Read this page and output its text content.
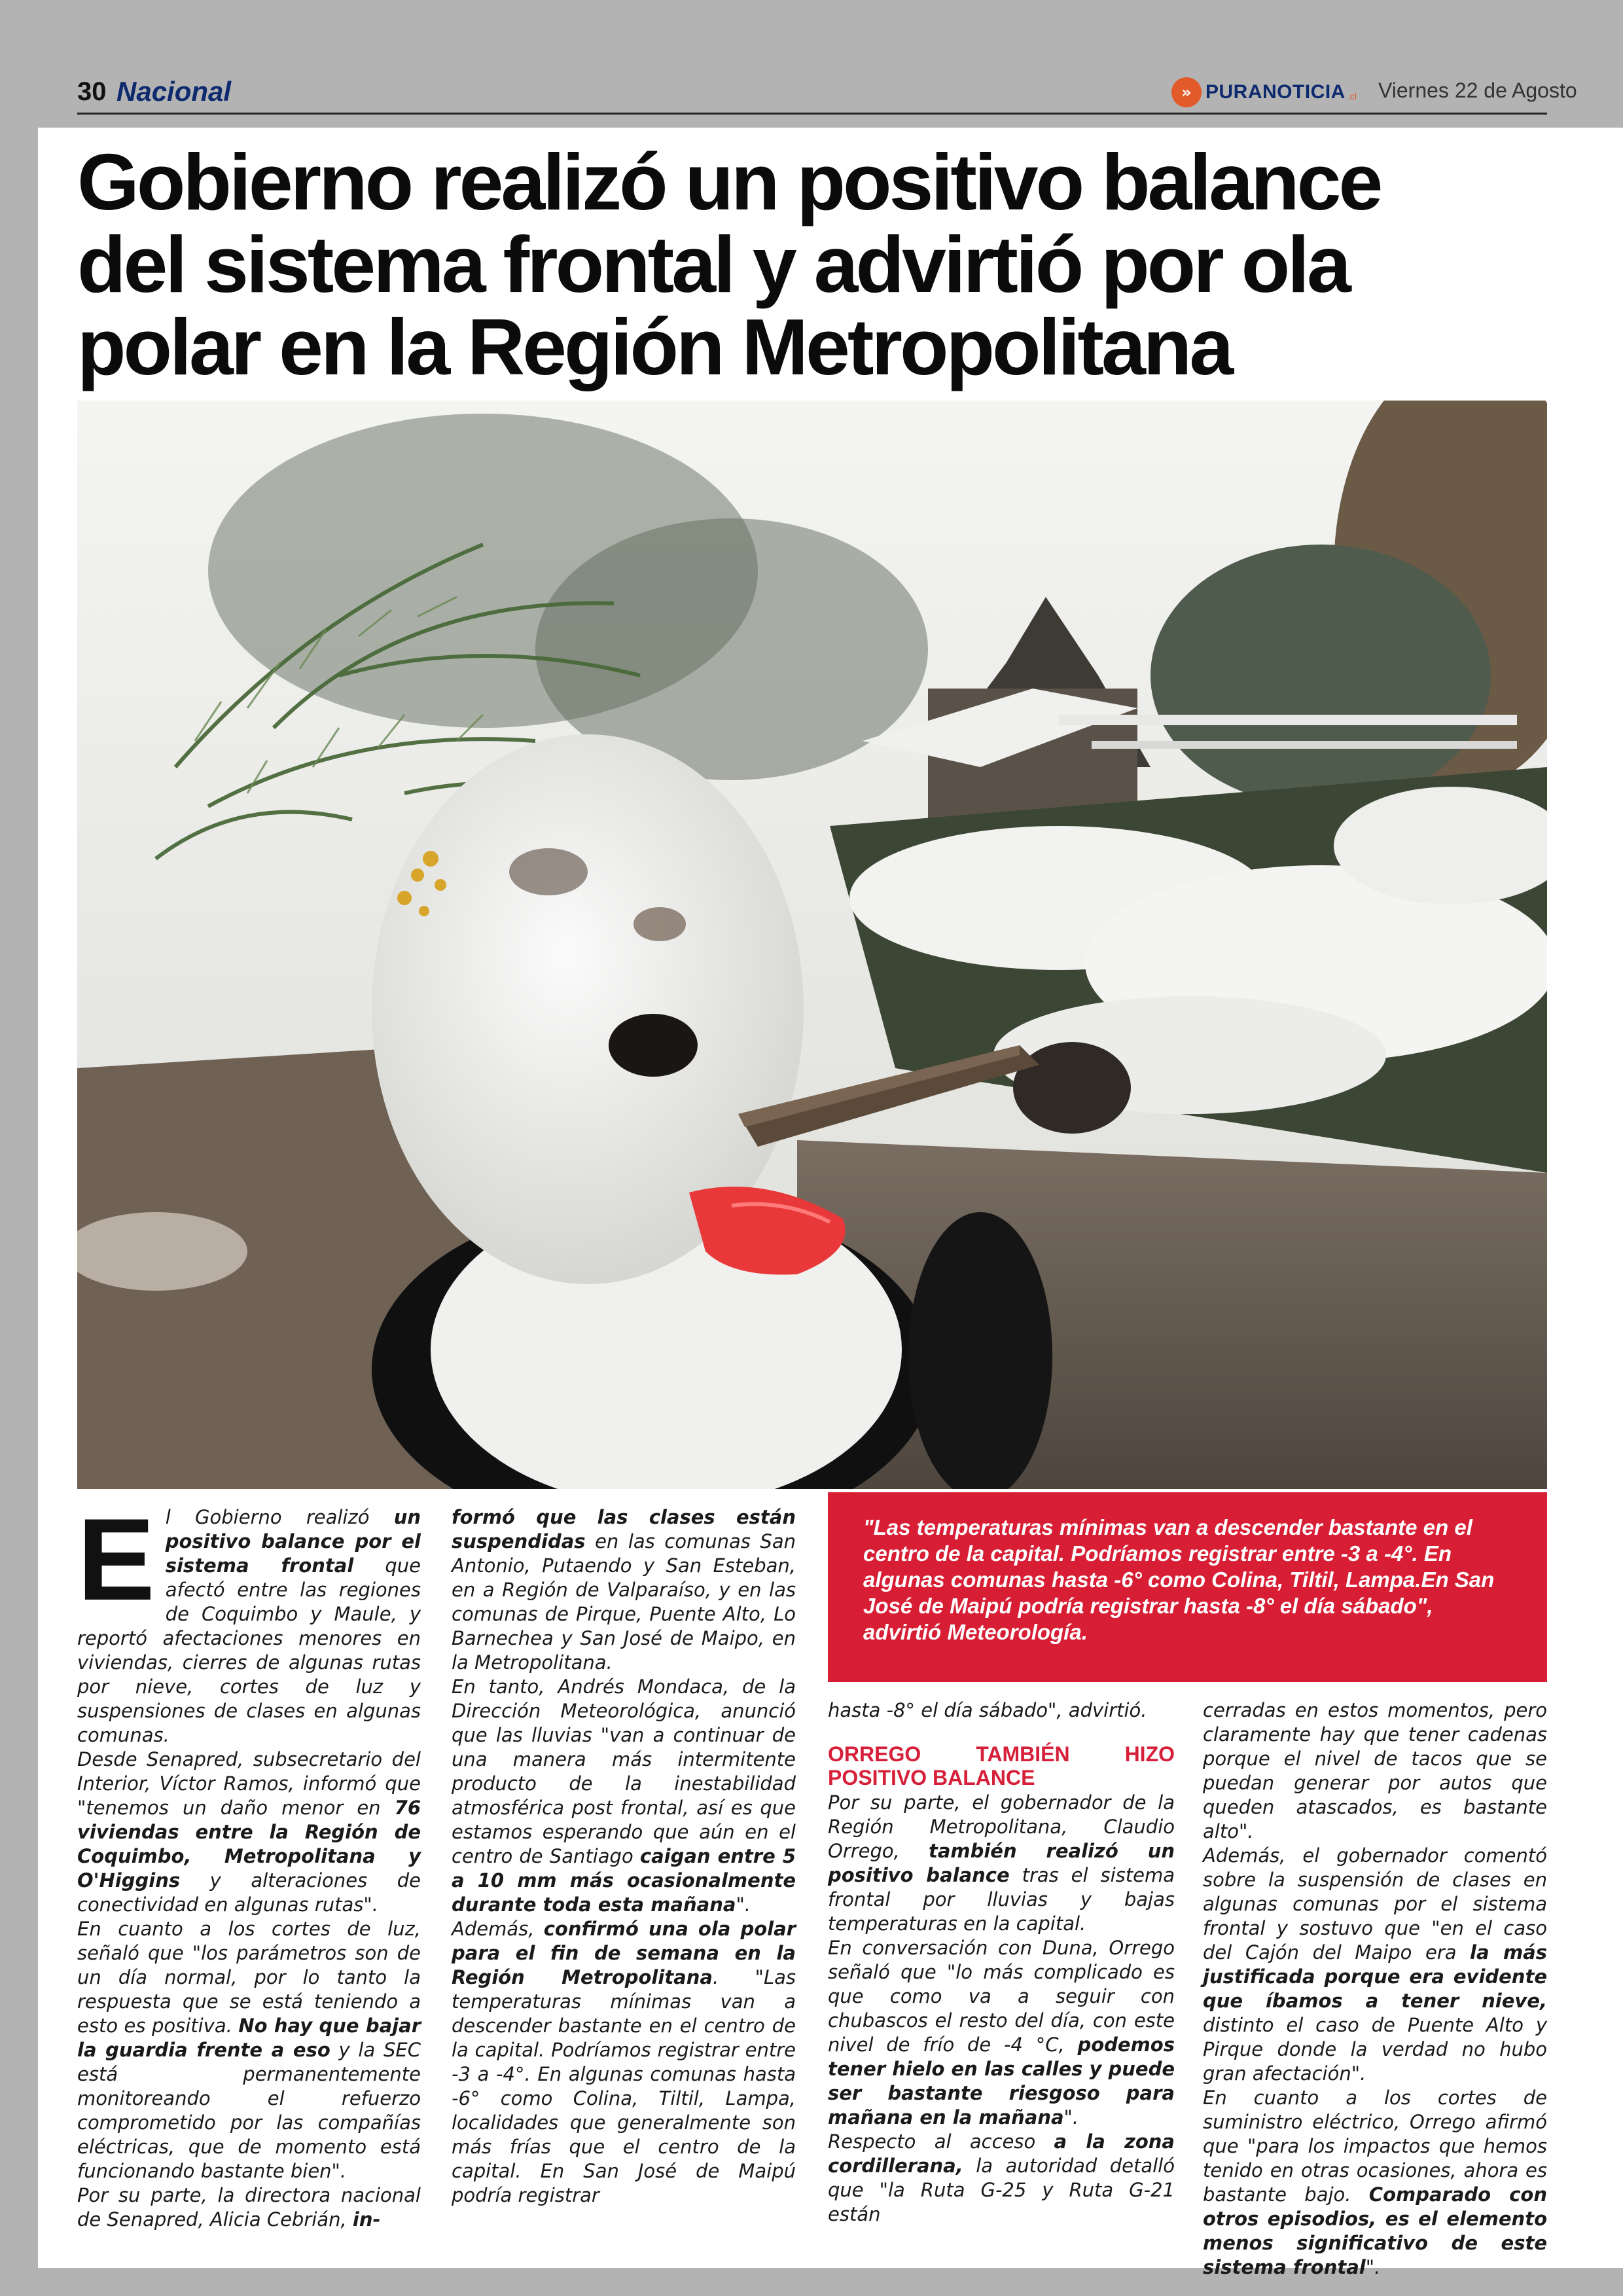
30 Nacional	» PURANOTICIA .cl Viernes 22 de Agosto
Gobierno realizó un positivo balance
del sistema frontal y advirtió por ola
polar en la Región Metropolitana

"Las temperaturas mínimas van a descender bastante en el centro de la capital. Podríamos registrar entre -3 a -4°. En algunas comunas hasta -6° como Colina, Tiltil, Lampa.En San José de Maipú podría registrar hasta -8° el día sábado", advirtió Meteorología.

E l Gobierno realizó un positivo balance por el sistema frontal que afectó entre las regiones de Coquimbo y Maule, y reportó afectaciones menores en viviendas, cierres de algunas rutas por nieve, cortes de luz y suspensiones de clases en algunas comunas.

Desde Senapred, subsecretario del Interior, Víctor Ramos, informó que "tenemos un daño menor en 76 viviendas entre la Región de Coquimbo, Metropolitana y O'Higgins y alteraciones de conectividad en algunas rutas".

En cuanto a los cortes de luz, señaló que "los parámetros son de un día normal, por lo tanto la respuesta que se está teniendo a esto es positiva. No hay que bajar la guardia frente a eso y la SEC está permanentemente monitoreando el refuerzo comprometido por las compañías eléctricas, que de momento está funcionando bastante bien".

Por su parte, la directora nacional de Senapred, Alicia Cebrián, in-

formó que las clases están suspendidas en las comunas San Antonio, Putaendo y San Esteban, en a Región de Valparaíso, y en las comunas de Pirque, Puente Alto, Lo Barnechea y San José de Maipo, en la Metropolitana.

En tanto, Andrés Mondaca, de la Dirección Meteorológica, anunció que las lluvias "van a continuar de una manera más intermitente producto de la inestabilidad atmosférica post frontal, así es que estamos esperando que aún en el centro de Santiago caigan entre 5 a 10 mm más ocasionalmente durante toda esta mañana".

Además, confirmó una ola polar para el fin de semana en la Región Metropolitana. "Las temperaturas mínimas van a descender bastante en el centro de la capital. Podríamos registrar entre -3 a -4°. En algunas comunas hasta -6° como Colina, Tiltil, Lampa, localidades que generalmente son más frías que el centro de la capital. En San José de Maipú podría registrar

hasta -8° el día sábado", advirtió.

ORREGO TAMBIÉN HIZO POSITIVO BALANCE

Por su parte, el gobernador de la Región Metropolitana, Claudio Orrego, también realizó un positivo balance tras el sistema frontal por lluvias y bajas temperaturas en la capital.

En conversación con Duna, Orrego señaló que "lo más complicado es que como va a seguir con chubascos el resto del día, con este nivel de frío de -4 °C, podemos tener hielo en las calles y puede ser bastante riesgoso para mañana en la mañana".

Respecto al acceso a la zona cordillerana, la autoridad detalló que "la Ruta G-25 y Ruta G-21 están

cerradas en estos momentos, pero claramente hay que tener cadenas porque el nivel de tacos que se puedan generar por autos que queden atascados, es bastante alto".

Además, el gobernador comentó sobre la suspensión de clases en algunas comunas por el sistema frontal y sostuvo que "en el caso del Cajón del Maipo era la más justificada porque era evidente que íbamos a tener nieve, distinto el caso de Puente Alto y Pirque donde la verdad no hubo gran afectación".

En cuanto a los cortes de suministro eléctrico, Orrego afirmó que "para los impactos que hemos tenido en otras ocasiones, ahora es bastante bajo. Comparado con otros episodios, es el elemento menos significativo de este sistema frontal".
